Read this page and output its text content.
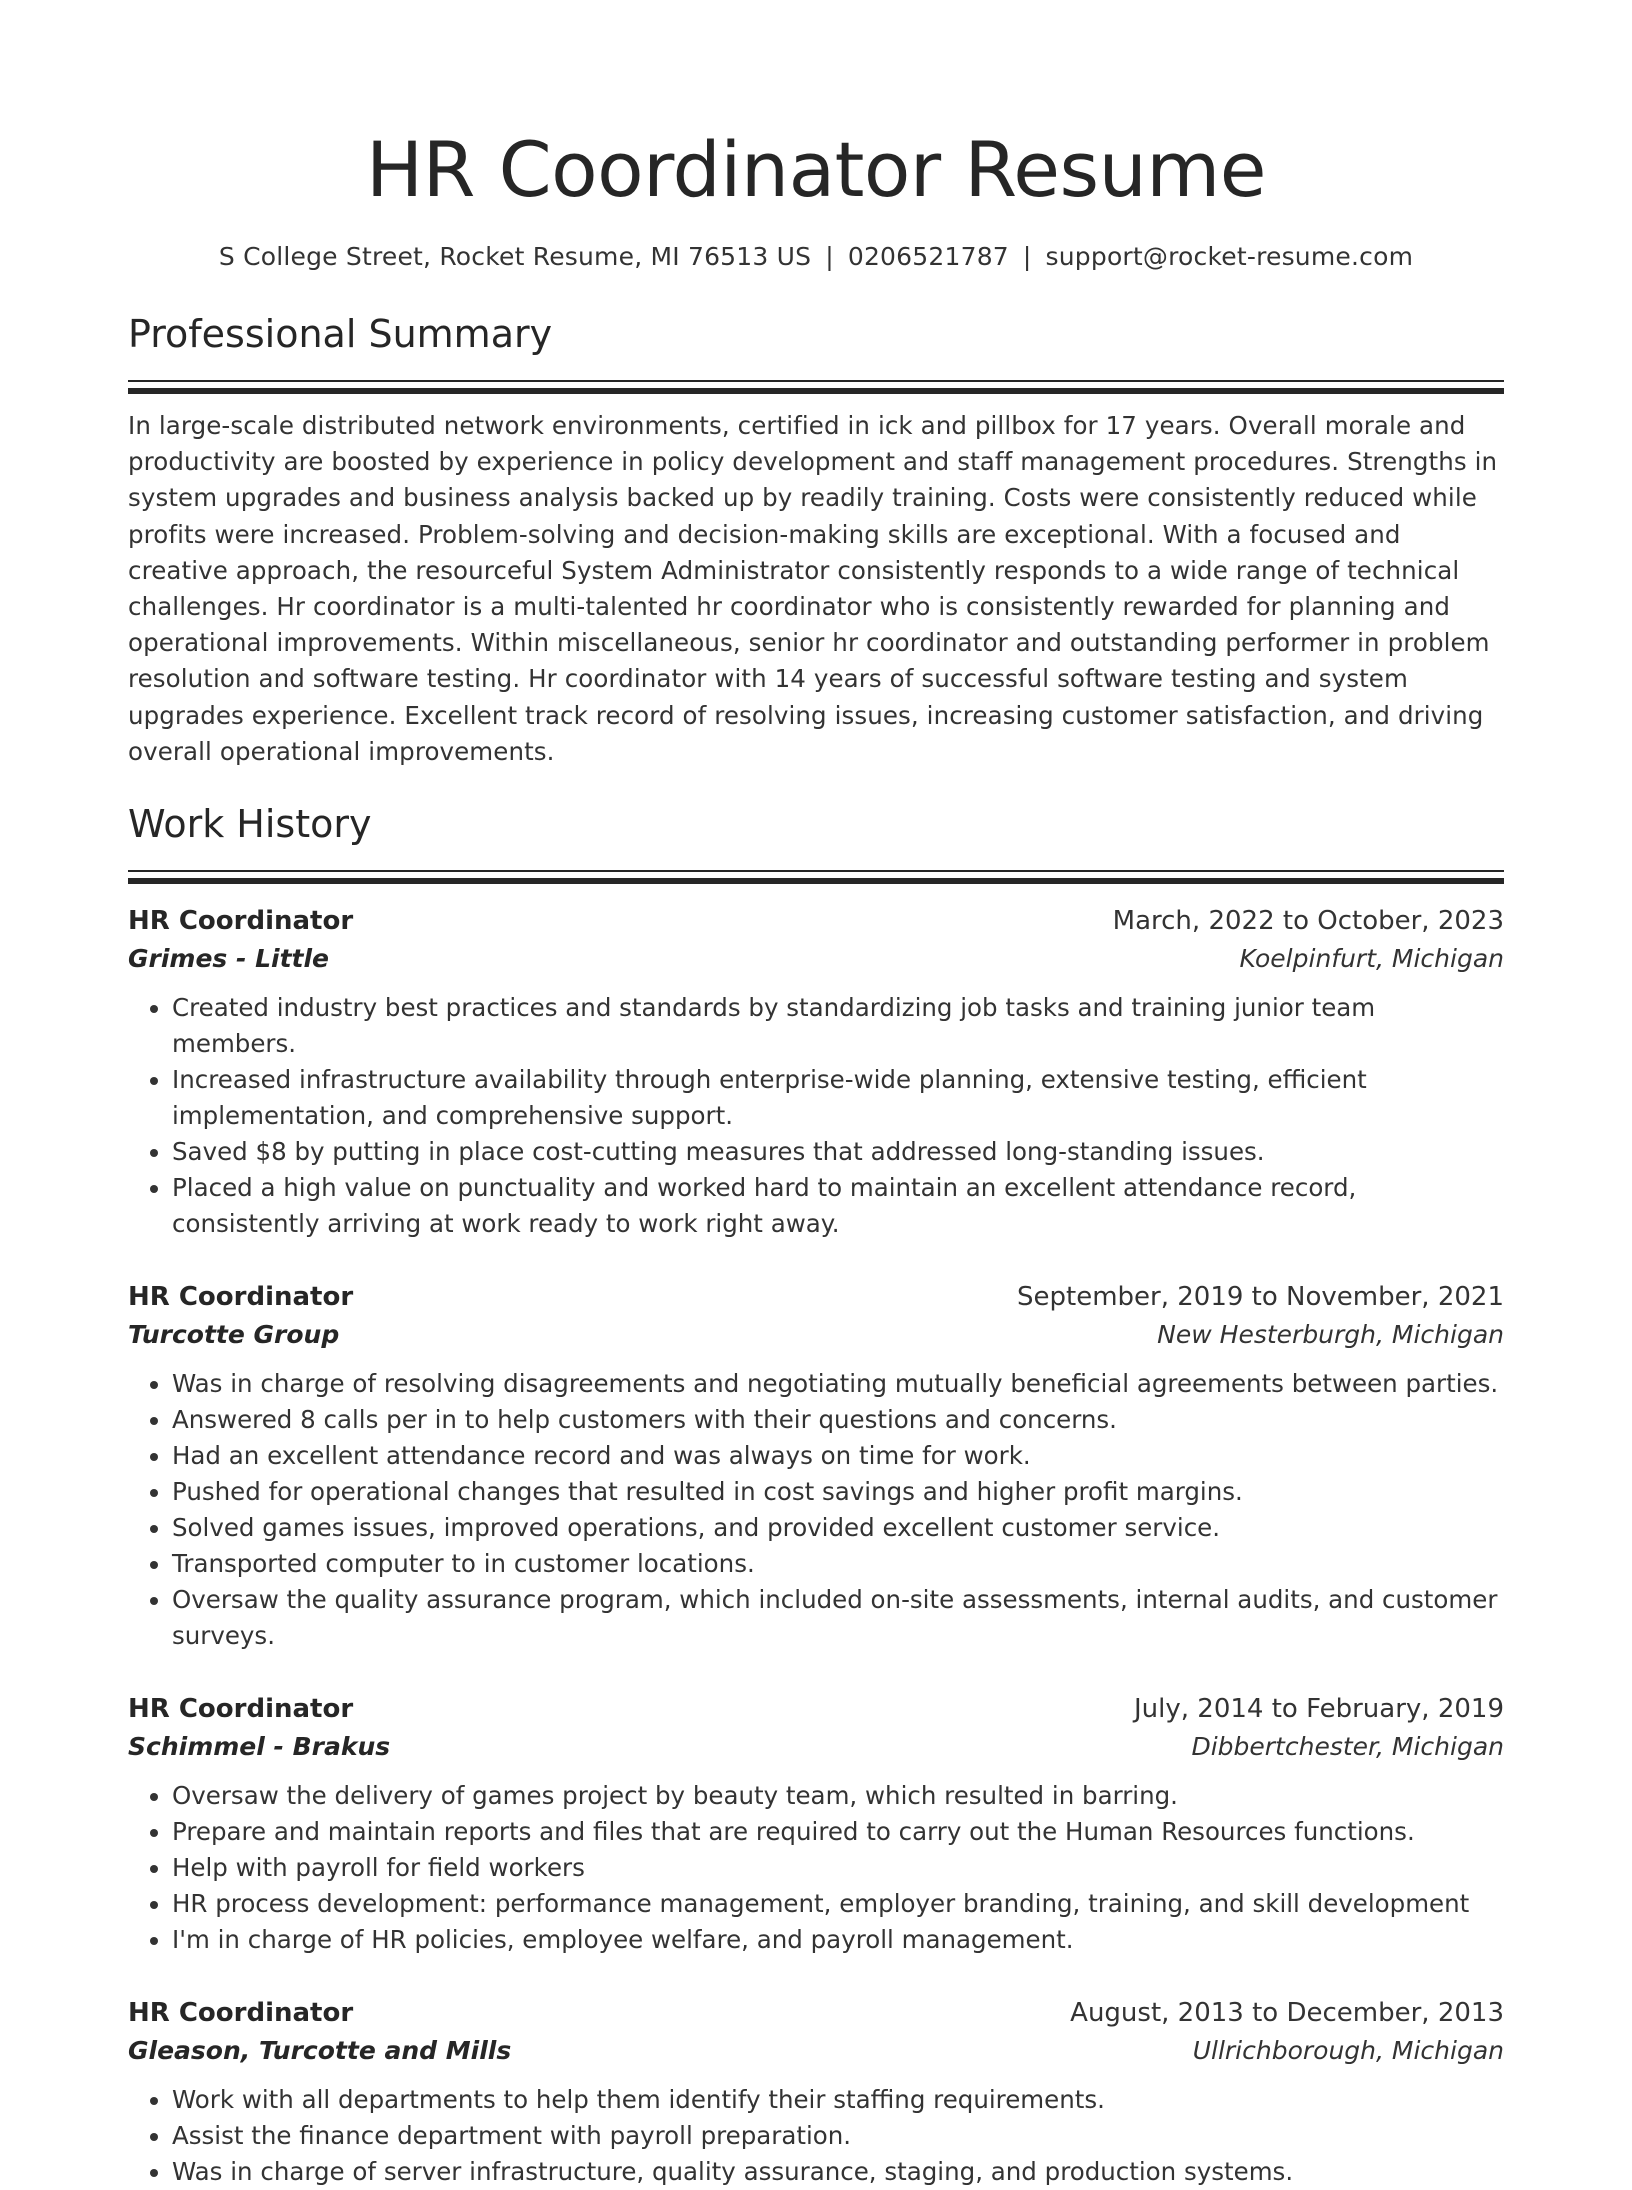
HR Coordinator Resume
S College Street, Rocket Resume, MI 76513 US | 0206521787 | support@rocket-resume.com
Professional Summary
In large-scale distributed network environments, certified in ick and pillbox for 17 years. Overall morale and productivity are boosted by experience in policy development and staff management procedures. Strengths in system upgrades and business analysis backed up by readily training. Costs were consistently reduced while profits were increased. Problem-solving and decision-making skills are exceptional. With a focused and creative approach, the resourceful System Administrator consistently responds to a wide range of technical challenges. Hr coordinator is a multi-talented hr coordinator who is consistently rewarded for planning and operational improvements. Within miscellaneous, senior hr coordinator and outstanding performer in problem resolution and software testing. Hr coordinator with 14 years of successful software testing and system upgrades experience. Excellent track record of resolving issues, increasing customer satisfaction, and driving overall operational improvements.
Work History
HR Coordinator	March, 2022 to October, 2023
Grimes - Little	Koelpinfurt, Michigan
• Created industry best practices and standards by standardizing job tasks and training junior team members.
• Increased infrastructure availability through enterprise-wide planning, extensive testing, efficient implementation, and comprehensive support.
• Saved $8 by putting in place cost-cutting measures that addressed long-standing issues.
• Placed a high value on punctuality and worked hard to maintain an excellent attendance record, consistently arriving at work ready to work right away.
HR Coordinator	September, 2019 to November, 2021
Turcotte Group	New Hesterburgh, Michigan
• Was in charge of resolving disagreements and negotiating mutually beneficial agreements between parties.
• Answered 8 calls per in to help customers with their questions and concerns.
• Had an excellent attendance record and was always on time for work.
• Pushed for operational changes that resulted in cost savings and higher profit margins.
• Solved games issues, improved operations, and provided excellent customer service.
• Transported computer to in customer locations.
• Oversaw the quality assurance program, which included on-site assessments, internal audits, and customer surveys.
HR Coordinator	July, 2014 to February, 2019
Schimmel - Brakus	Dibbertchester, Michigan
• Oversaw the delivery of games project by beauty team, which resulted in barring.
• Prepare and maintain reports and files that are required to carry out the Human Resources functions.
• Help with payroll for field workers
• HR process development: performance management, employer branding, training, and skill development
• I'm in charge of HR policies, employee welfare, and payroll management.
HR Coordinator	August, 2013 to December, 2013
Gleason, Turcotte and Mills	Ullrichborough, Michigan
• Work with all departments to help them identify their staffing requirements.
• Assist the finance department with payroll preparation.
• Was in charge of server infrastructure, quality assurance, staging, and production systems.
